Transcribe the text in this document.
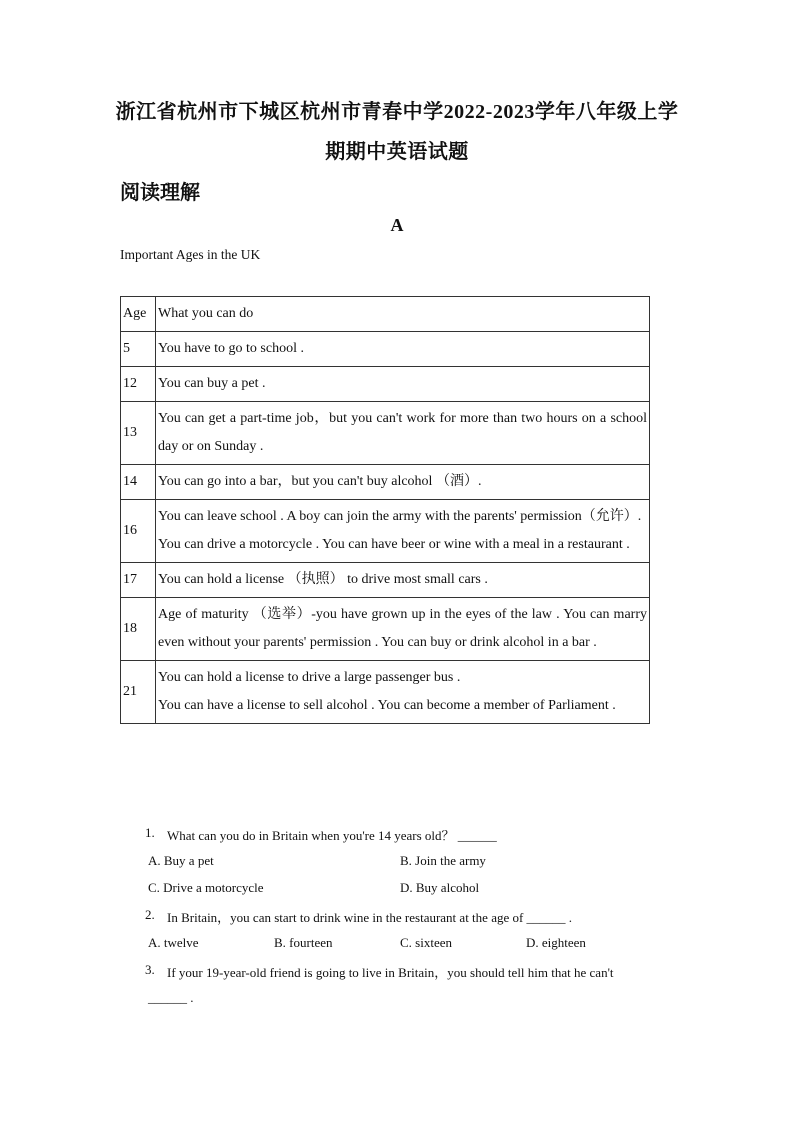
浙江省杭州市下城区杭州市青春中学2022-2023学年八年级上学
期期中英语试题
阅读理解
A
Important Ages in the UK
Age	What you can do
5	You have to go to school .

12	You can buy a pet .

13	You can get a part-time job，but you can't work for more than two hours on a school day or on Sunday .

14	You can go into a bar，but you can't buy alcohol （酒）.

16	You can leave school . A boy can join the army with the parents' permission（允许）.
You can drive a motorcycle . You can have beer or wine with a meal in a restaurant .

17	You can hold a license （执照） to drive most small cars .

18	Age of maturity （选举）-you have grown up in the eyes of the law . You can marry even without your parents' permission . You can buy or drink alcohol in a bar .

21	You can hold a license to drive a large passenger bus .
You can have a license to sell alcohol . You can become a member of Parliament .
1. What can you do in Britain when you're 14 years old？ ______
A. Buy a pet	B. Join the army
C. Drive a motorcycle	D. Buy alcohol
2. In Britain，you can start to drink wine in the restaurant at the age of ______ .
A. twelve	B. fourteen	C. sixteen	D. eighteen
3. If your 19-year-old friend is going to live in Britain，you should tell him that he can't
______ .
